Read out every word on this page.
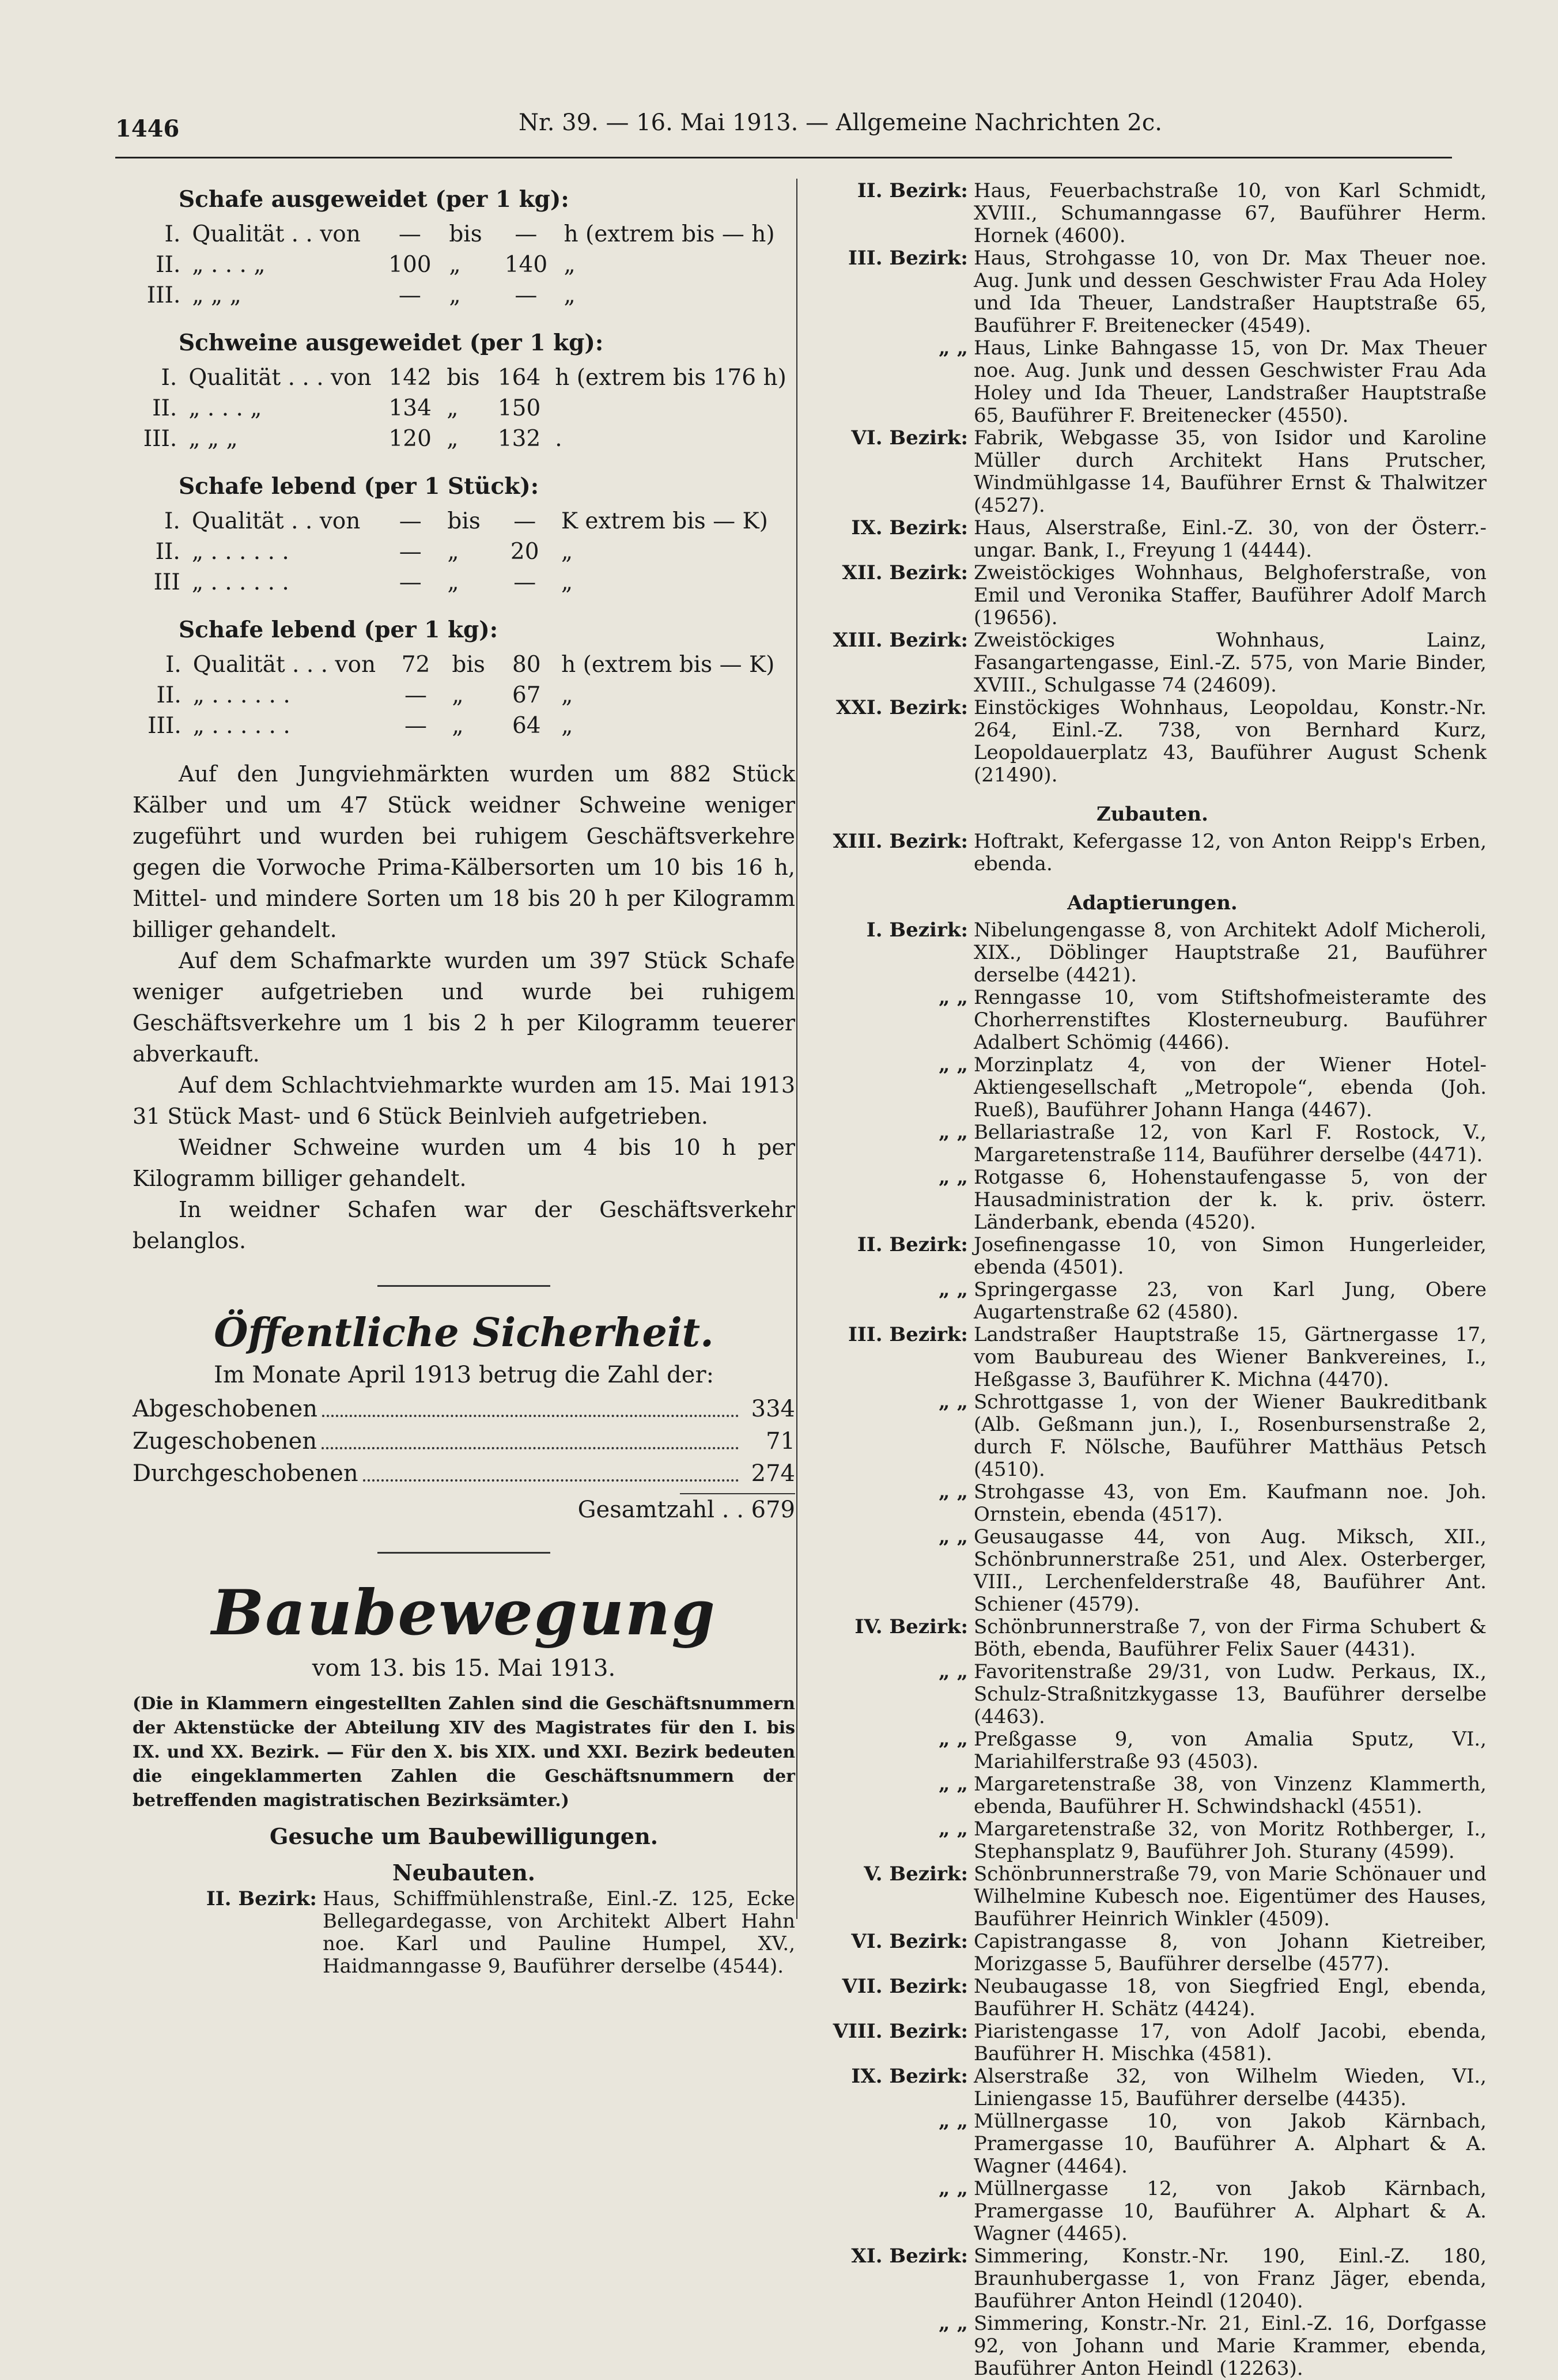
1446	Nr. 39. — 16. Mai 1913. — Allgemeine Nachrichten 2c.
Schafe ausgeweidet (per 1 kg):
I.	Qualität . . von	—	bis	—	h (extrem bis — h)
II.	„ . . . „	100	„	140	„
III.	„ „ „	—	„	—	„
Schweine ausgeweidet (per 1 kg):
I.	Qualität . . . von	142	bis	164	h (extrem bis 176 h)
II.	„ . . . „	134	„	150	
III.	„ „ „	120	„	132	.
Schafe lebend (per 1 Stück):
I.	Qualität . . von	—	bis	—	K extrem bis — K)
II.	„ . . . . . .	—	„	20	„
III	„ . . . . . .	—	„	—	„
Schafe lebend (per 1 kg):
I.	Qualität . . . von	72	bis	80	h (extrem bis — K)
II.	„ . . . . . .	—	„	67	„
III.	„ . . . . . .	—	„	64	„

Auf den Jungviehmärkten wurden um 882 Stück Kälber und um 47 Stück weidner Schweine weniger zugeführt und wurden bei ruhigem Geschäftsverkehre gegen die Vorwoche Prima-Kälbersorten um 10 bis 16 h, Mittel- und mindere Sorten um 18 bis 20 h per Kilogramm billiger gehandelt.

Auf dem Schafmarkte wurden um 397 Stück Schafe weniger aufgetrieben und wurde bei ruhigem Geschäftsverkehre um 1 bis 2 h per Kilogramm teuerer abverkauft.

Auf dem Schlachtviehmarkte wurden am 15. Mai 1913 31 Stück Mast- und 6 Stück Beinlvieh aufgetrieben.

Weidner Schweine wurden um 4 bis 10 h per Kilogramm billiger gehandelt.

In weidner Schafen war der Geschäftsverkehr belanglos.

Öffentliche Sicherheit.
Im Monate April 1913 betrug die Zahl der:
Abgeschobenen	334
Zugeschobenen	71
Durchgeschobenen	274
Gesamtzahl . . 679
Baubewegung
vom 13. bis 15. Mai 1913.
(Die in Klammern eingestellten Zahlen sind die Geschäftsnummern der Aktenstücke der Abteilung XIV des Magistrates für den I. bis IX. und XX. Bezirk. — Für den X. bis XIX. und XXI. Bezirk bedeuten die eingeklammerten Zahlen die Geschäftsnummern der betreffenden magistratischen Bezirksämter.)
Gesuche um Baubewilligungen.
Neubauten.
II. Bezirk: Haus, Schiffmühlenstraße, Einl.-Z. 125, Ecke Bellegardegasse, von Architekt Albert Hahn noe. Karl und Pauline Humpel, XV., Haidmanngasse 9, Bauführer derselbe (4544).
II. Bezirk: Haus, Feuerbachstraße 10, von Karl Schmidt, XVIII., Schumanngasse 67, Bauführer Herm. Hornek (4600).
III. Bezirk: Haus, Strohgasse 10, von Dr. Max Theuer noe. Aug. Junk und dessen Geschwister Frau Ada Holey und Ida Theuer, Landstraßer Hauptstraße 65, Bauführer F. Breitenecker (4549).
„ „ Haus, Linke Bahngasse 15, von Dr. Max Theuer noe. Aug. Junk und dessen Geschwister Frau Ada Holey und Ida Theuer, Landstraßer Hauptstraße 65, Bauführer F. Breitenecker (4550).
VI. Bezirk: Fabrik, Webgasse 35, von Isidor und Karoline Müller durch Architekt Hans Prutscher, Windmühlgasse 14, Bauführer Ernst & Thalwitzer (4527).
IX. Bezirk: Haus, Alserstraße, Einl.-Z. 30, von der Österr.-ungar. Bank, I., Freyung 1 (4444).
XII. Bezirk: Zweistöckiges Wohnhaus, Belghoferstraße, von Emil und Veronika Staffer, Bauführer Adolf March (19656).
XIII. Bezirk: Zweistöckiges Wohnhaus, Lainz, Fasangartengasse, Einl.-Z. 575, von Marie Binder, XVIII., Schulgasse 74 (24609).
XXI. Bezirk: Einstöckiges Wohnhaus, Leopoldau, Konstr.-Nr. 264, Einl.-Z. 738, von Bernhard Kurz, Leopoldauerplatz 43, Bauführer August Schenk (21490).
Zubauten.
XIII. Bezirk: Hoftrakt, Kefergasse 12, von Anton Reipp's Erben, ebenda.
Adaptierungen.
I. Bezirk: Nibelungengasse 8, von Architekt Adolf Micheroli, XIX., Döblinger Hauptstraße 21, Bauführer derselbe (4421).
„ „ Renngasse 10, vom Stiftshofmeisteramte des Chorherrenstiftes Klosterneuburg. Bauführer Adalbert Schömig (4466).
„ „ Morzinplatz 4, von der Wiener Hotel-Aktiengesellschaft „Metropole“, ebenda (Joh. Rueß), Bauführer Johann Hanga (4467).
„ „ Bellariastraße 12, von Karl F. Rostock, V., Margaretenstraße 114, Bauführer derselbe (4471).
„ „ Rotgasse 6, Hohenstaufengasse 5, von der Hausadministration der k. k. priv. österr. Länderbank, ebenda (4520).
II. Bezirk: Josefinengasse 10, von Simon Hungerleider, ebenda (4501).
„ „ Springergasse 23, von Karl Jung, Obere Augartenstraße 62 (4580).
III. Bezirk: Landstraßer Hauptstraße 15, Gärtnergasse 17, vom Baubureau des Wiener Bankvereines, I., Heßgasse 3, Bauführer K. Michna (4470).
„ „ Schrottgasse 1, von der Wiener Baukreditbank (Alb. Geßmann jun.), I., Rosenbursenstraße 2, durch F. Nölsche, Bauführer Matthäus Petsch (4510).
„ „ Strohgasse 43, von Em. Kaufmann noe. Joh. Ornstein, ebenda (4517).
„ „ Geusaugasse 44, von Aug. Miksch, XII., Schönbrunnerstraße 251, und Alex. Osterberger, VIII., Lerchenfelderstraße 48, Bauführer Ant. Schiener (4579).
IV. Bezirk: Schönbrunnerstraße 7, von der Firma Schubert & Böth, ebenda, Bauführer Felix Sauer (4431).
„ „ Favoritenstraße 29/31, von Ludw. Perkaus, IX., Schulz-Straßnitzkygasse 13, Bauführer derselbe (4463).
„ „ Preßgasse 9, von Amalia Sputz, VI., Mariahilferstraße 93 (4503).
„ „ Margaretenstraße 38, von Vinzenz Klammerth, ebenda, Bauführer H. Schwindshackl (4551).
„ „ Margaretenstraße 32, von Moritz Rothberger, I., Stephansplatz 9, Bauführer Joh. Sturany (4599).
V. Bezirk: Schönbrunnerstraße 79, von Marie Schönauer und Wilhelmine Kubesch noe. Eigentümer des Hauses, Bauführer Heinrich Winkler (4509).
VI. Bezirk: Capistrangasse 8, von Johann Kietreiber, Morizgasse 5, Bauführer derselbe (4577).
VII. Bezirk: Neubaugasse 18, von Siegfried Engl, ebenda, Bauführer H. Schätz (4424).
VIII. Bezirk: Piaristengasse 17, von Adolf Jacobi, ebenda, Bauführer H. Mischka (4581).
IX. Bezirk: Alserstraße 32, von Wilhelm Wieden, VI., Liniengasse 15, Bauführer derselbe (4435).
„ „ Müllnergasse 10, von Jakob Kärnbach, Pramergasse 10, Bauführer A. Alphart & A. Wagner (4464).
„ „ Müllnergasse 12, von Jakob Kärnbach, Pramergasse 10, Bauführer A. Alphart & A. Wagner (4465).
XI. Bezirk: Simmering, Konstr.-Nr. 190, Einl.-Z. 180, Braunhubergasse 1, von Franz Jäger, ebenda, Bauführer Anton Heindl (12040).
„ „ Simmering, Konstr.-Nr. 21, Einl.-Z. 16, Dorfgasse 92, von Johann und Marie Krammer, ebenda, Bauführer Anton Heindl (12263).
